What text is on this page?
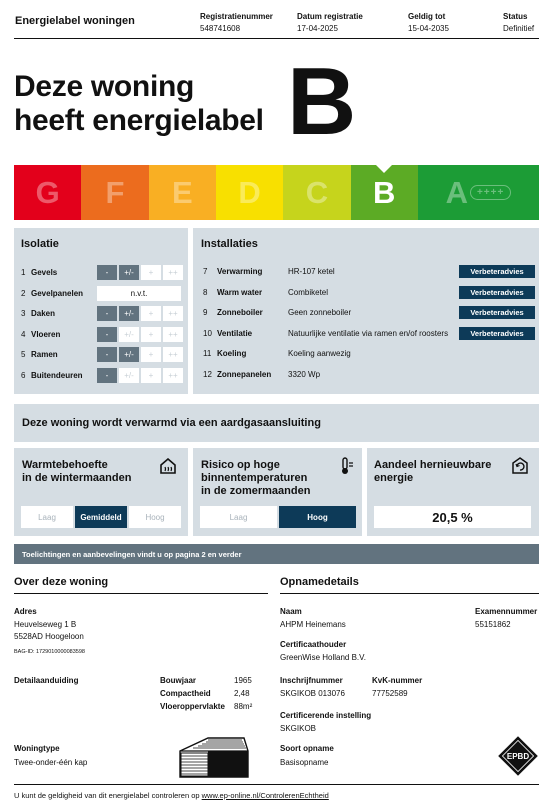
Energielabel woningen	Registratienummer
548741608
Datum registratie
17-04-2025
Geldig tot
15-04-2035
Status
Definitief
Deze woning
heeft energielabel B
G F E D C B A ++++
Isolatie
1 Gevels	-	+/-	+	++
2 Gevelpanelen	n.v.t.
3 Daken	-	+/-	+	++
4 Vloeren	-	+/-	+	++
5 Ramen	-	+/-	+	++
6 Buitendeuren	-	+/-	+	++
Installaties
7	Verwarming	HR-107 ketel	Verbeteradvies
8	Warm water	Combiketel	Verbeteradvies
9	Zonneboiler	Geen zonneboiler	Verbeteradvies
10 Ventilatie	Natuurlijke ventilatie via ramen en/of roosters	Verbeteradvies
11 Koeling	Koeling aanwezig
12 Zonnepanelen 3320 Wp
Deze woning wordt verwarmd via een aardgasaansluiting
Warmtebehoefte
in de wintermaanden
Laag	Gemiddeld	Hoog
Risico op hoge
binnentemperaturen
in de zomermaanden
Laag	Hoog
Aandeel hernieuwbare
energie
20,5 %
Toelichtingen en aanbevelingen vindt u op pagina 2 en verder
Over deze woning
Adres
Heuvelseweg 1 B
5528AD Hoogeloon
BAG-ID: 1729010000083598
Detailaanduiding	Bouwjaar	1965
Compactheid	2,48
Vloeroppervlakte 88m²
Woningtype
Twee-onder-één kap
Opnamedetails
Naam
AHPM Heinemans
Examennummer
55151862
Certificaathouder
GreenWise Holland B.V.
Inschrijfnummer
SKGIKOB 013076
KvK-nummer
77752589
Certificerende instelling
SKGIKOB
Soort opname
Basisopname
EPBD
U kunt de geldigheid van dit energielabel controleren op www.ep-online.nl/ControlerenEchtheid
